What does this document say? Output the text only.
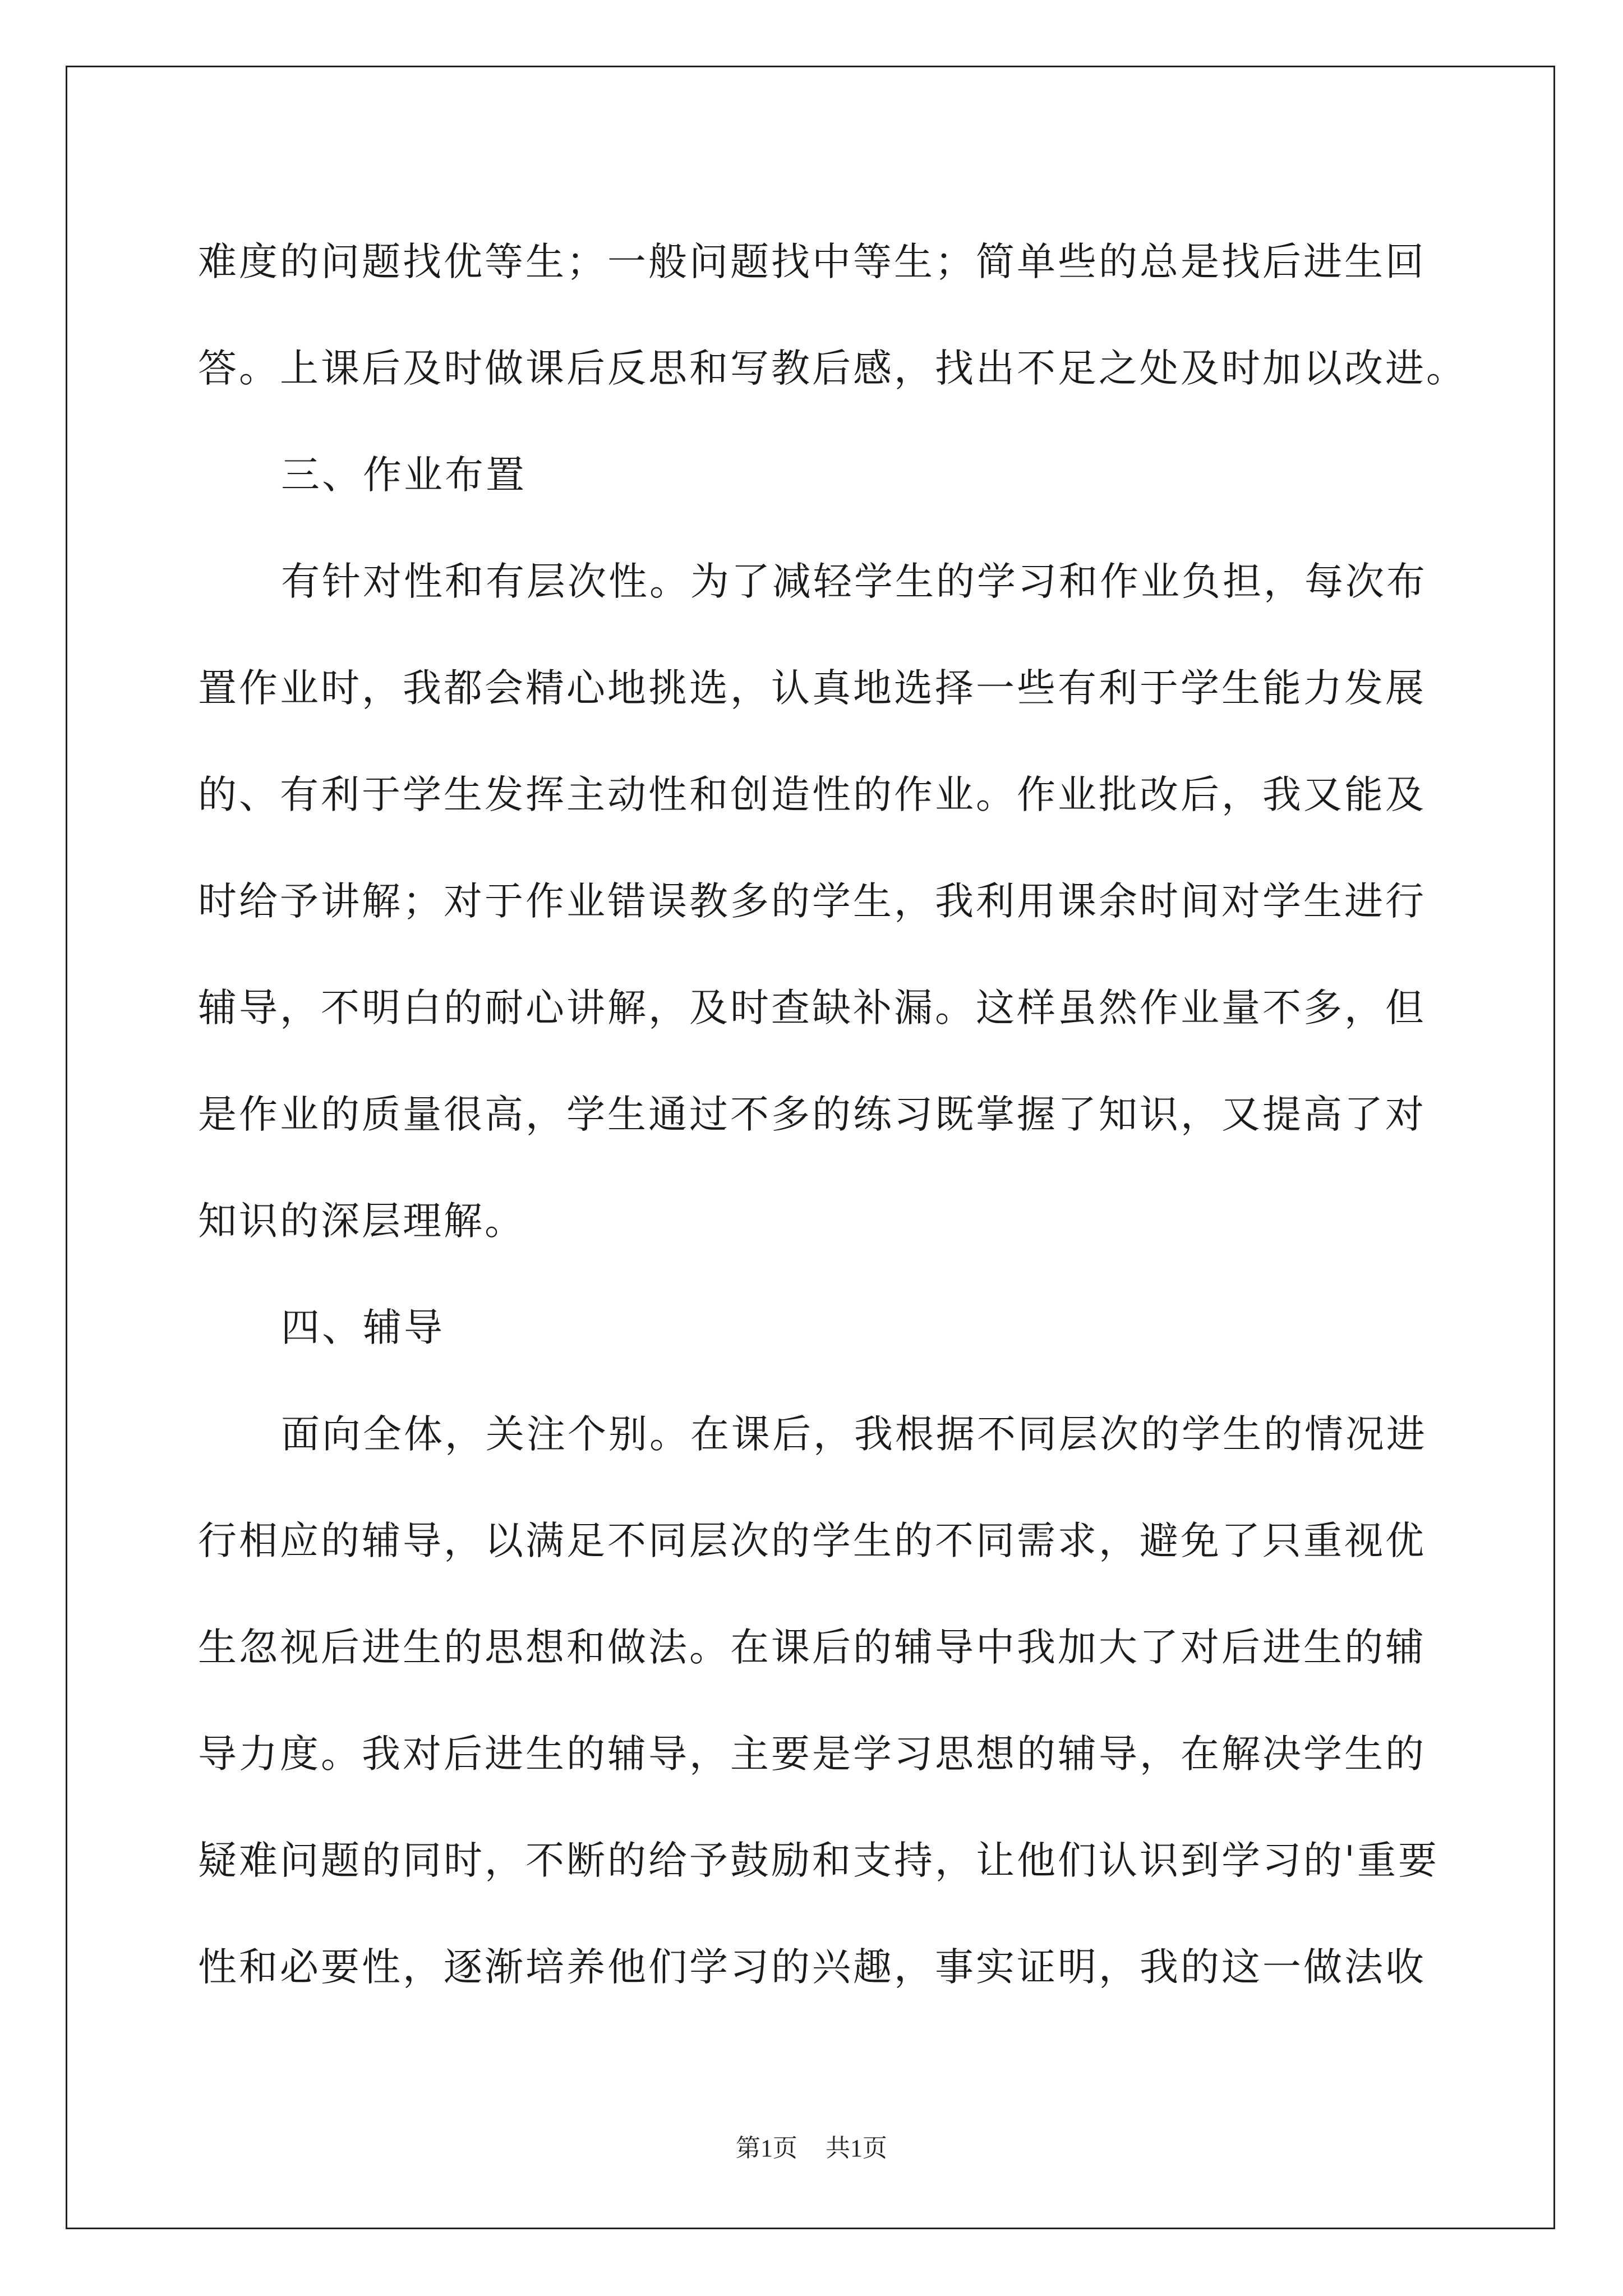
难度的问题找优等生；一般问题找中等生；简单些的总是找后进生回

答。上课后及时做课后反思和写教后感，找出不足之处及时加以改进。

三、作业布置

有针对性和有层次性。为了减轻学生的学习和作业负担，每次布

置作业时，我都会精心地挑选，认真地选择一些有利于学生能力发展

的、有利于学生发挥主动性和创造性的作业。作业批改后，我又能及

时给予讲解；对于作业错误教多的学生，我利用课余时间对学生进行

辅导，不明白的耐心讲解，及时查缺补漏。这样虽然作业量不多，但

是作业的质量很高，学生通过不多的练习既掌握了知识，又提高了对

知识的深层理解。

四、辅导

面向全体，关注个别。在课后，我根据不同层次的学生的情况进

行相应的辅导，以满足不同层次的学生的不同需求，避免了只重视优

生忽视后进生的思想和做法。在课后的辅导中我加大了对后进生的辅

导力度。我对后进生的辅导，主要是学习思想的辅导，在解决学生的

疑难问题的同时，不断的给予鼓励和支持，让他们认识到学习的'重要

性和必要性，逐渐培养他们学习的兴趣，事实证明，我的这一做法收

第1页 共1页
